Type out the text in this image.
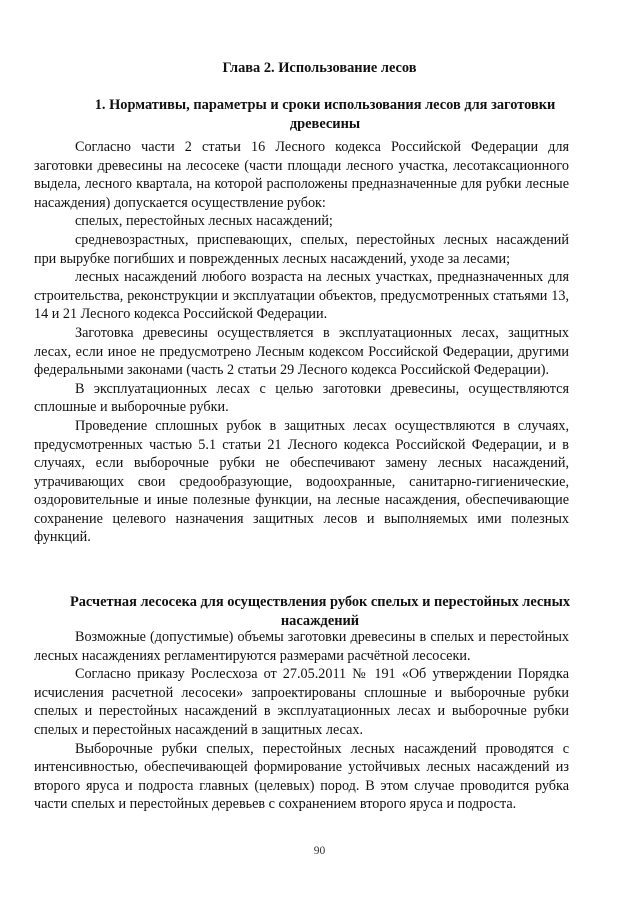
Глава 2. Использование лесов
1. Нормативы, параметры и сроки использования лесов для заготовки древесины

Согласно части 2 статьи 16 Лесного кодекса Российской Федерации для заготовки древесины на лесосеке (части площади лесного участка, лесотаксационного выдела, лесного квартала, на которой расположены предназначенные для рубки лесные насаждения) допускается осуществление рубок:

спелых, перестойных лесных насаждений;

средневозрастных, приспевающих, спелых, перестойных лесных насаждений при вырубке погибших и поврежденных лесных насаждений, уходе за лесами;

лесных насаждений любого возраста на лесных участках, предназначенных для строительства, реконструкции и эксплуатации объектов, предусмотренных статьями 13, 14 и 21 Лесного кодекса Российской Федерации.

Заготовка древесины осуществляется в эксплуатационных лесах, защитных лесах, если иное не предусмотрено Лесным кодексом Российской Федерации, другими федеральными законами (часть 2 статьи 29 Лесного кодекса Российской Федерации).

В эксплуатационных лесах с целью заготовки древесины, осуществляются сплошные и выборочные рубки.

Проведение сплошных рубок в защитных лесах осуществляются в случаях, предусмотренных частью 5.1 статьи 21 Лесного кодекса Российской Федерации, и в случаях, если выборочные рубки не обеспечивают замену лесных насаждений, утрачивающих свои средообразующие, водоохранные, санитарно-гигиенические, оздоровительные и иные полезные функции, на лесные насаждения, обеспечивающие сохранение целевого назначения защитных лесов и выполняемых ими полезных функций.

Расчетная лесосека для осуществления рубок спелых и перестойных лесных насаждений

Возможные (допустимые) объемы заготовки древесины в спелых и перестойных лесных насаждениях регламентируются размерами расчётной лесосеки.

Согласно приказу Рослесхоза от 27.05.2011 № 191 «Об утверждении Порядка исчисления расчетной лесосеки» запроектированы сплошные и выборочные рубки спелых и перестойных насаждений в эксплуатационных лесах и выборочные рубки спелых и перестойных насаждений в защитных лесах.

Выборочные рубки спелых, перестойных лесных насаждений проводятся с интенсивностью, обеспечивающей формирование устойчивых лесных насаждений из второго яруса и подроста главных (целевых) пород. В этом случае проводится рубка части спелых и перестойных деревьев с сохранением второго яруса и подроста.

90
